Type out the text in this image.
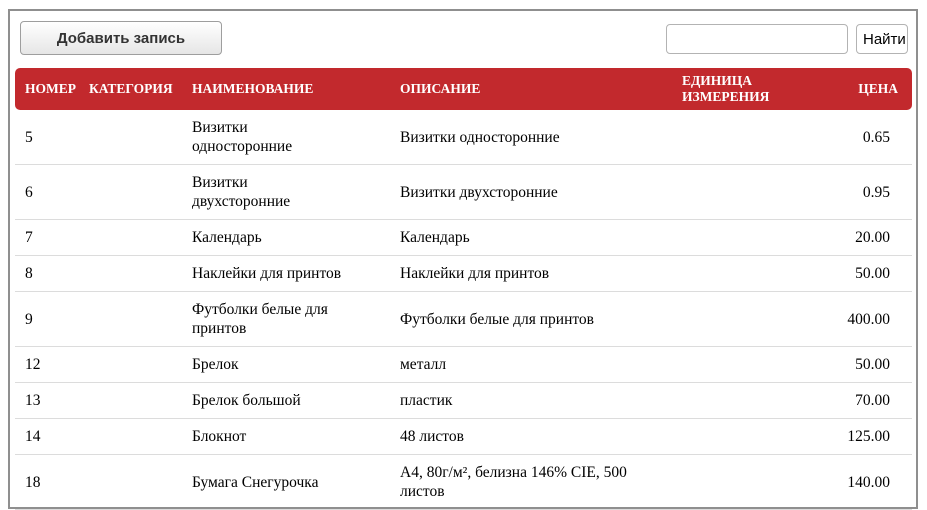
Добавить запись	Найти
НОМЕР	КАТЕГОРИЯ	НАИМЕНОВАНИЕ	ОПИСАНИЕ	ЕДИНИЦА ИЗМЕРЕНИЯ	ЦЕНА
5		Визитки односторонние	Визитки односторонние		0.65
6		Визитки двухсторонние	Визитки двухсторонние		0.95
7		Календарь	Календарь		20.00
8		Наклейки для принтов	Наклейки для принтов		50.00
9		Футболки белые для принтов	Футболки белые для принтов		400.00
12		Брелок	металл		50.00
13		Брелок большой	пластик		70.00
14		Блокнот	48 листов		125.00
18		Бумага Снегурочка	А4, 80г/м², белизна 146% CIE, 500 листов		140.00
